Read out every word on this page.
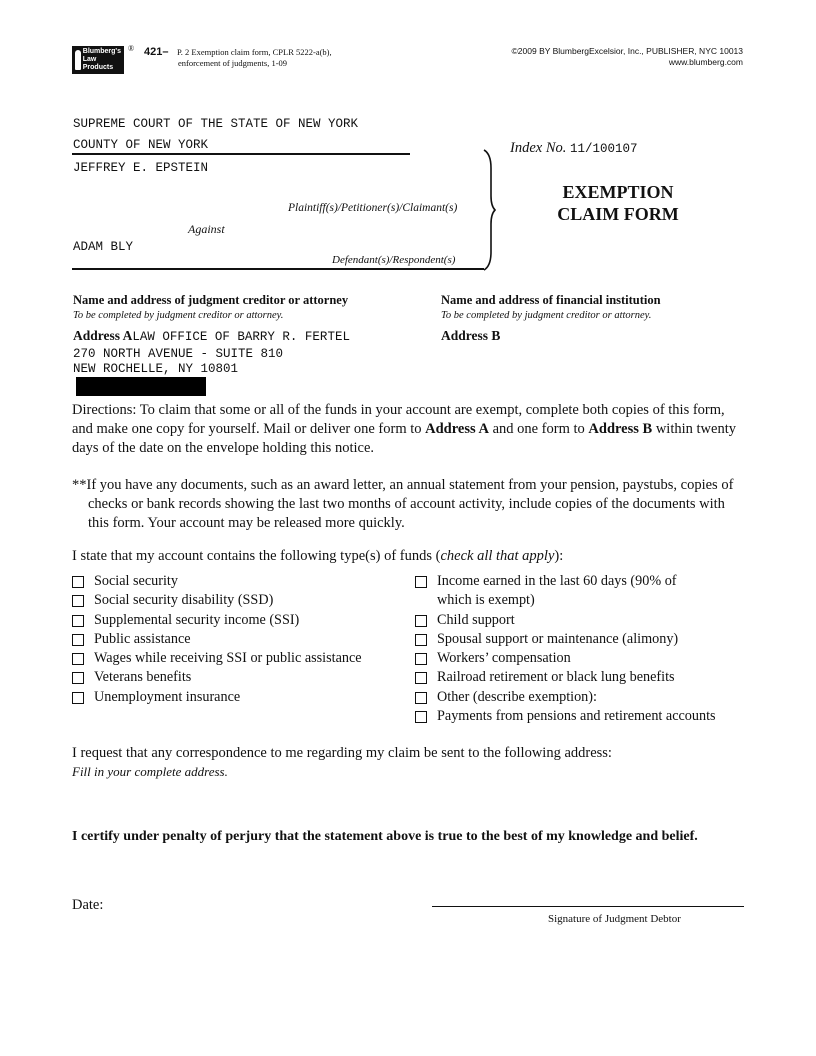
Blumberg's
Law Products
® 421– P. 2 Exemption claim form, CPLR 5222-a(b),
enforcement of judgments, 1-09
©2009 BY BlumbergExcelsior, Inc., PUBLISHER, NYC 10013
www.blumberg.com
SUPREME COURT OF THE STATE OF NEW YORK
COUNTY OF NEW YORK
JEFFREY E. EPSTEIN
Plaintiff(s)/Petitioner(s)/Claimant(s)
Against
ADAM BLY
Defendant(s)/Respondent(s)
Index No. 11/100107
EXEMPTION
CLAIM FORM
Name and address of judgment creditor or attorney
To be completed by judgment creditor or attorney.
Address ALAW OFFICE OF BARRY R. FERTEL
270 NORTH AVENUE - SUITE 810
NEW ROCHELLE, NY 10801
Name and address of financial institution
To be completed by judgment creditor or attorney.
Address B
Directions: To claim that some or all of the funds in your account are exempt, complete both copies of this form, and make one copy for yourself. Mail or deliver one form to Address A and one form to Address B within twenty days of the date on the envelope holding this notice.
**If you have any documents, such as an award letter, an annual statement from your pension, paystubs, copies of checks or bank records showing the last two months of account activity, include copies of the documents with this form. Your account may be released more quickly.
I state that my account contains the following type(s) of funds (check all that apply):
Social security
Social security disability (SSD)
Supplemental security income (SSI)
Public assistance
Wages while receiving SSI or public assistance
Veterans benefits
Unemployment insurance
Income earned in the last 60 days (90% of
which is exempt)
Child support
Spousal support or maintenance (alimony)
Workers’ compensation
Railroad retirement or black lung benefits
Other (describe exemption):
Payments from pensions and retirement accounts
I request that any correspondence to me regarding my claim be sent to the following address:
Fill in your complete address.
I certify under penalty of perjury that the statement above is true to the best of my knowledge and belief.
Date:
Signature of Judgment Debtor
